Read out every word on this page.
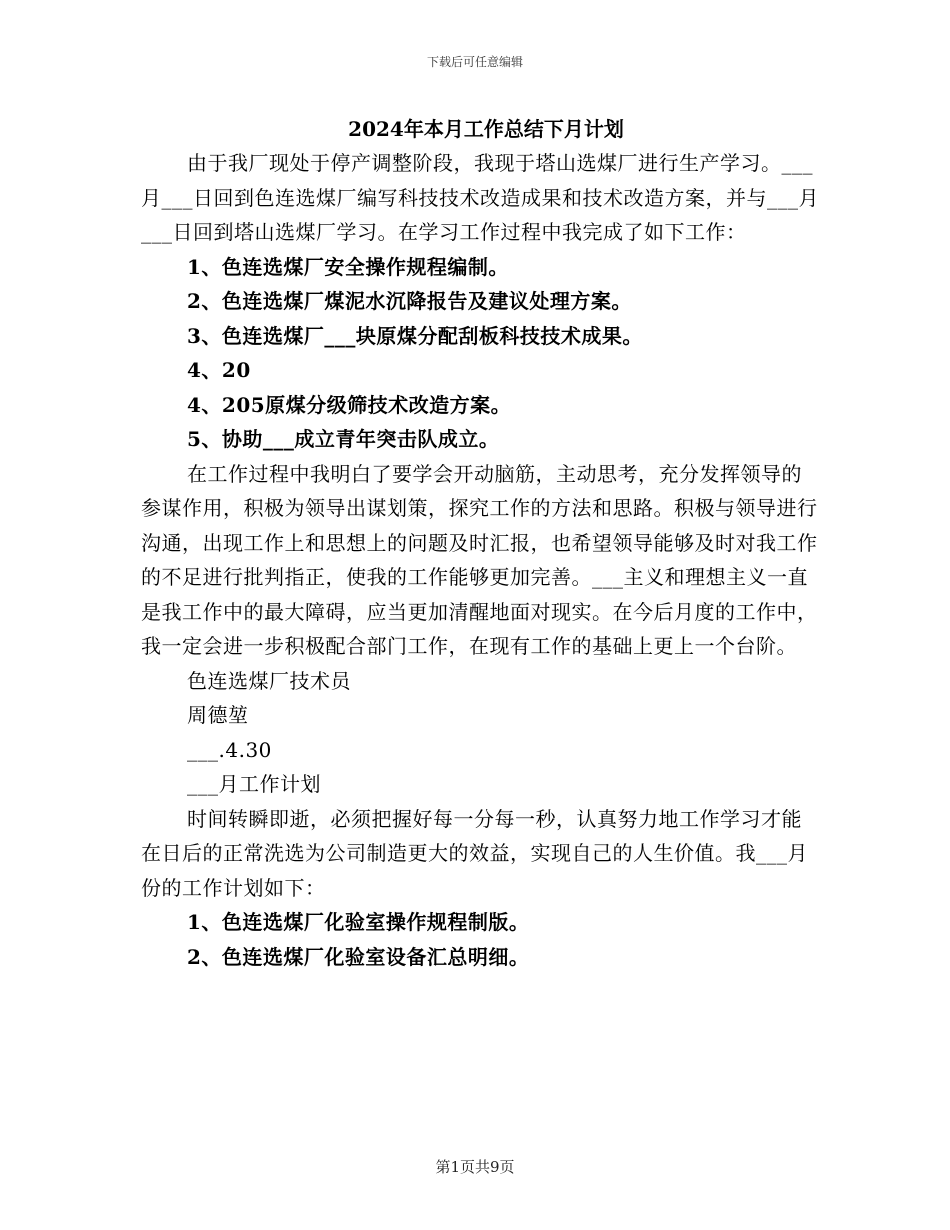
下载后可任意编辑
2024年本月工作总结下月计划

由于我厂现处于停产调整阶段，我现于塔山选煤厂进行生产学习。___月___日回到色连选煤厂编写科技技术改造成果和技术改造方案，并与___月___日回到塔山选煤厂学习。在学习工作过程中我完成了如下工作：

1、色连选煤厂安全操作规程编制。

2、色连选煤厂煤泥水沉降报告及建议处理方案。

3、色连选煤厂___块原煤分配刮板科技技术成果。

4、20

4、205原煤分级筛技术改造方案。

5、协助___成立青年突击队成立。

在工作过程中我明白了要学会开动脑筋，主动思考，充分发挥领导的参谋作用，积极为领导出谋划策，探究工作的方法和思路。积极与领导进行沟通，出现工作上和思想上的问题及时汇报，也希望领导能够及时对我工作的不足进行批判指正，使我的工作能够更加完善。___主义和理想主义一直是我工作中的最大障碍，应当更加清醒地面对现实。在今后月度的工作中，我一定会进一步积极配合部门工作，在现有工作的基础上更上一个台阶。

色连选煤厂技术员

周德堃

___.4.30

___月工作计划

时间转瞬即逝，必须把握好每一分每一秒，认真努力地工作学习才能在日后的正常洗选为公司制造更大的效益，实现自己的人生价值。我___月份的工作计划如下：

1、色连选煤厂化验室操作规程制版。

2、色连选煤厂化验室设备汇总明细。

第1页共9页
